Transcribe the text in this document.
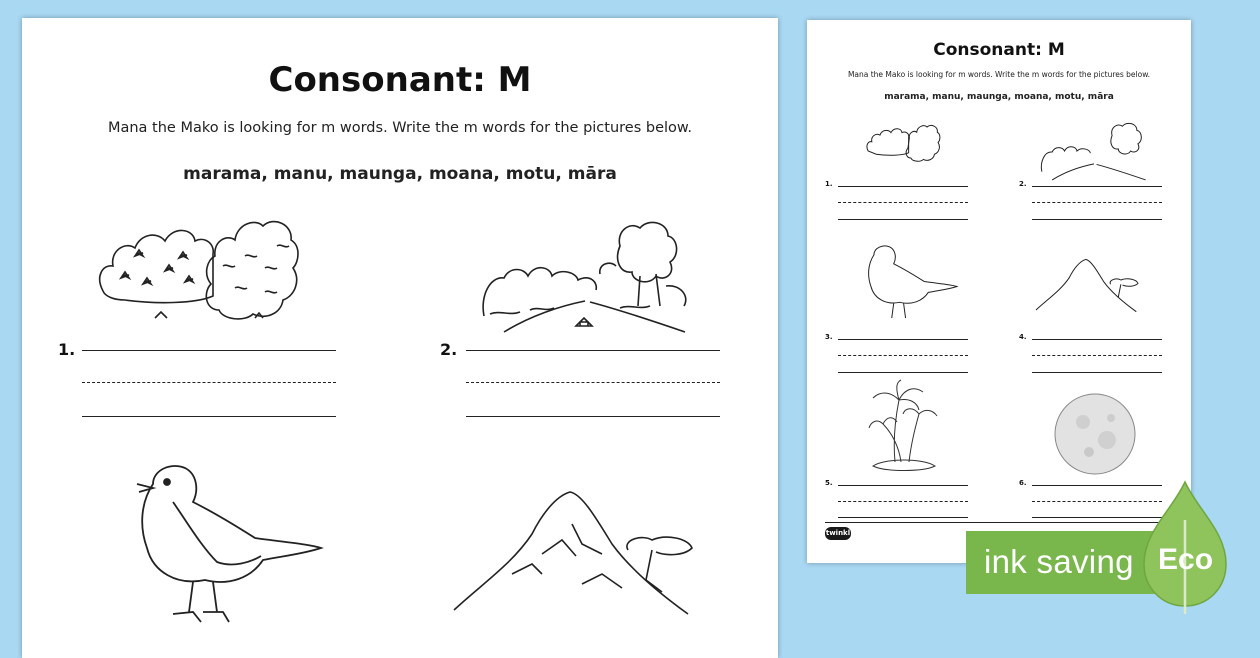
Consonant: M
Mana the Mako is looking for m words. Write the m words for the pictures below.
marama, manu, maunga, moana, motu, māra
1.	2.
Consonant: M
Mana the Mako is looking for m words. Write the m words for the pictures below.
marama, manu, maunga, moana, motu, māra
1.	2.
3.	4.
5.	6.
twinkl
ink saving Eco
